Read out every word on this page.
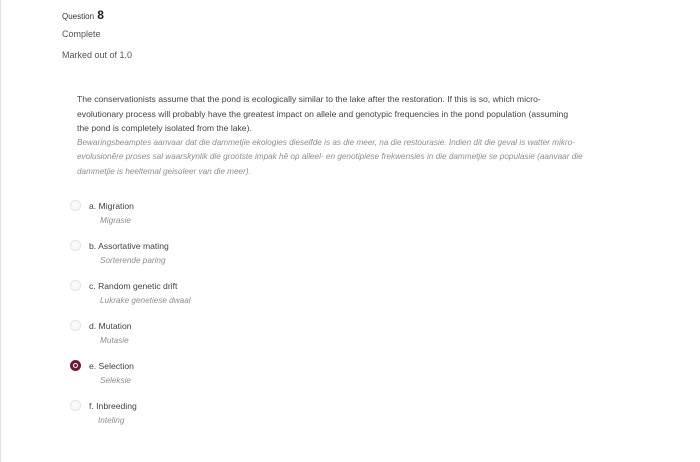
Question 8
Complete
Marked out of 1.0

The conservationists assume that the pond is ecologically similar to the lake after the restoration. If this is so, which micro-
evolutionary process will probably have the greatest impact on allele and genotypic frequencies in the pond population (assuming
the pond is completely isolated from the lake).

Bewaringsbeamptes aanvaar dat die dammetjie ekologies dieselfde is as die meer, na die restourasie. Indien dit die geval is watter mikro-
evolusionêre proses sal waarskynlik die grootste impak hê op alleel- en genotipiese frekwensies in die dammetjie se populasie (aanvaar die
dammetjie is heeltemal geisoleer van die meer).

a. Migration
Migrasie
b. Assortative mating
Sorterende paring
c. Random genetic drift
Lukrake genetiese dwaal
d. Mutation
Mutasie
e. Selection
Seleksie
f. Inbreeding
Inteling
